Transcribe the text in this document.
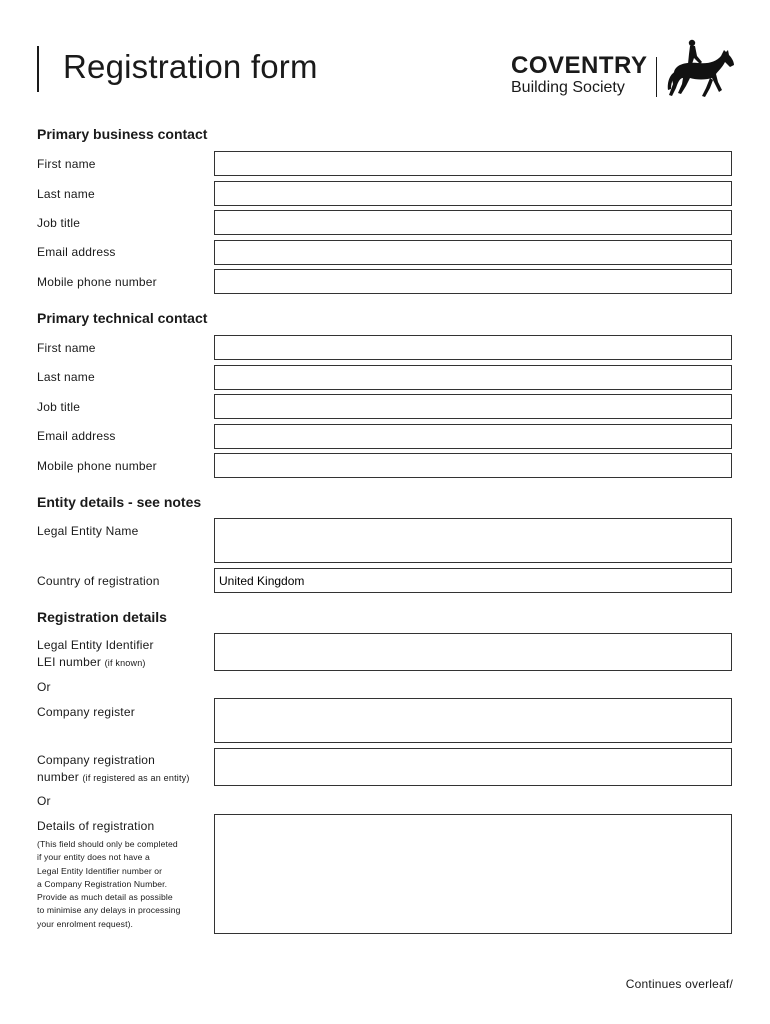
Registration form	COVENTRY
Building Society
Primary business contact
First name
Last name
Job title
Email address
Mobile phone number
Primary technical contact
First name
Last name
Job title
Email address
Mobile phone number
Entity details - see notes
Legal Entity Name
Country of registration
United Kingdom
Registration details
Legal Entity Identifier
LEI number (if known)
Or
Company register
Company registration
number (if registered as an entity)
Or
Details of registration
(This field should only be completed
if your entity does not have a
Legal Entity Identifier number or
a Company Registration Number.
Provide as much detail as possible
to minimise any delays in processing
your enrolment request).
Continues overleaf/
